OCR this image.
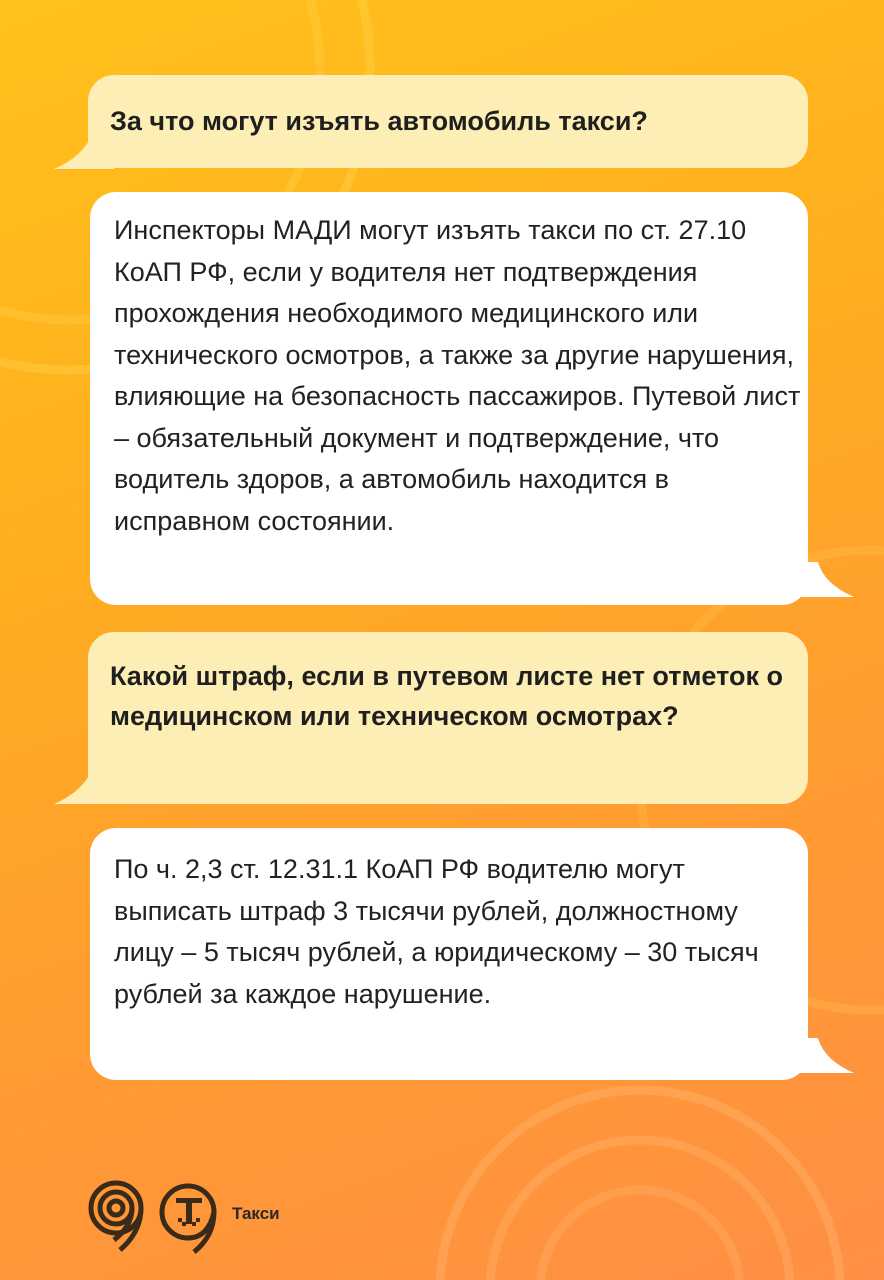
За что могут изъять автомобиль такси?

Инспекторы МАДИ могут изъять такси по ст. 27.10 КоАП РФ, если у водителя нет подтверждения прохождения необходимого медицинского или технического осмотров, а также за другие нарушения, влияющие на безопасность пассажиров. Путевой лист – обязательный документ и подтверждение, что водитель здоров, а автомобиль находится в исправном состоянии.

Какой штраф, если в путевом листе нет отметок о медицинском или техническом осмотрах?

По ч. 2,3 ст. 12.31.1 КоАП РФ водителю могут выписать штраф 3 тысячи рублей, должностному лицу – 5 тысяч рублей, а юридическому – 30 тысяч рублей за каждое нарушение.

Такси
